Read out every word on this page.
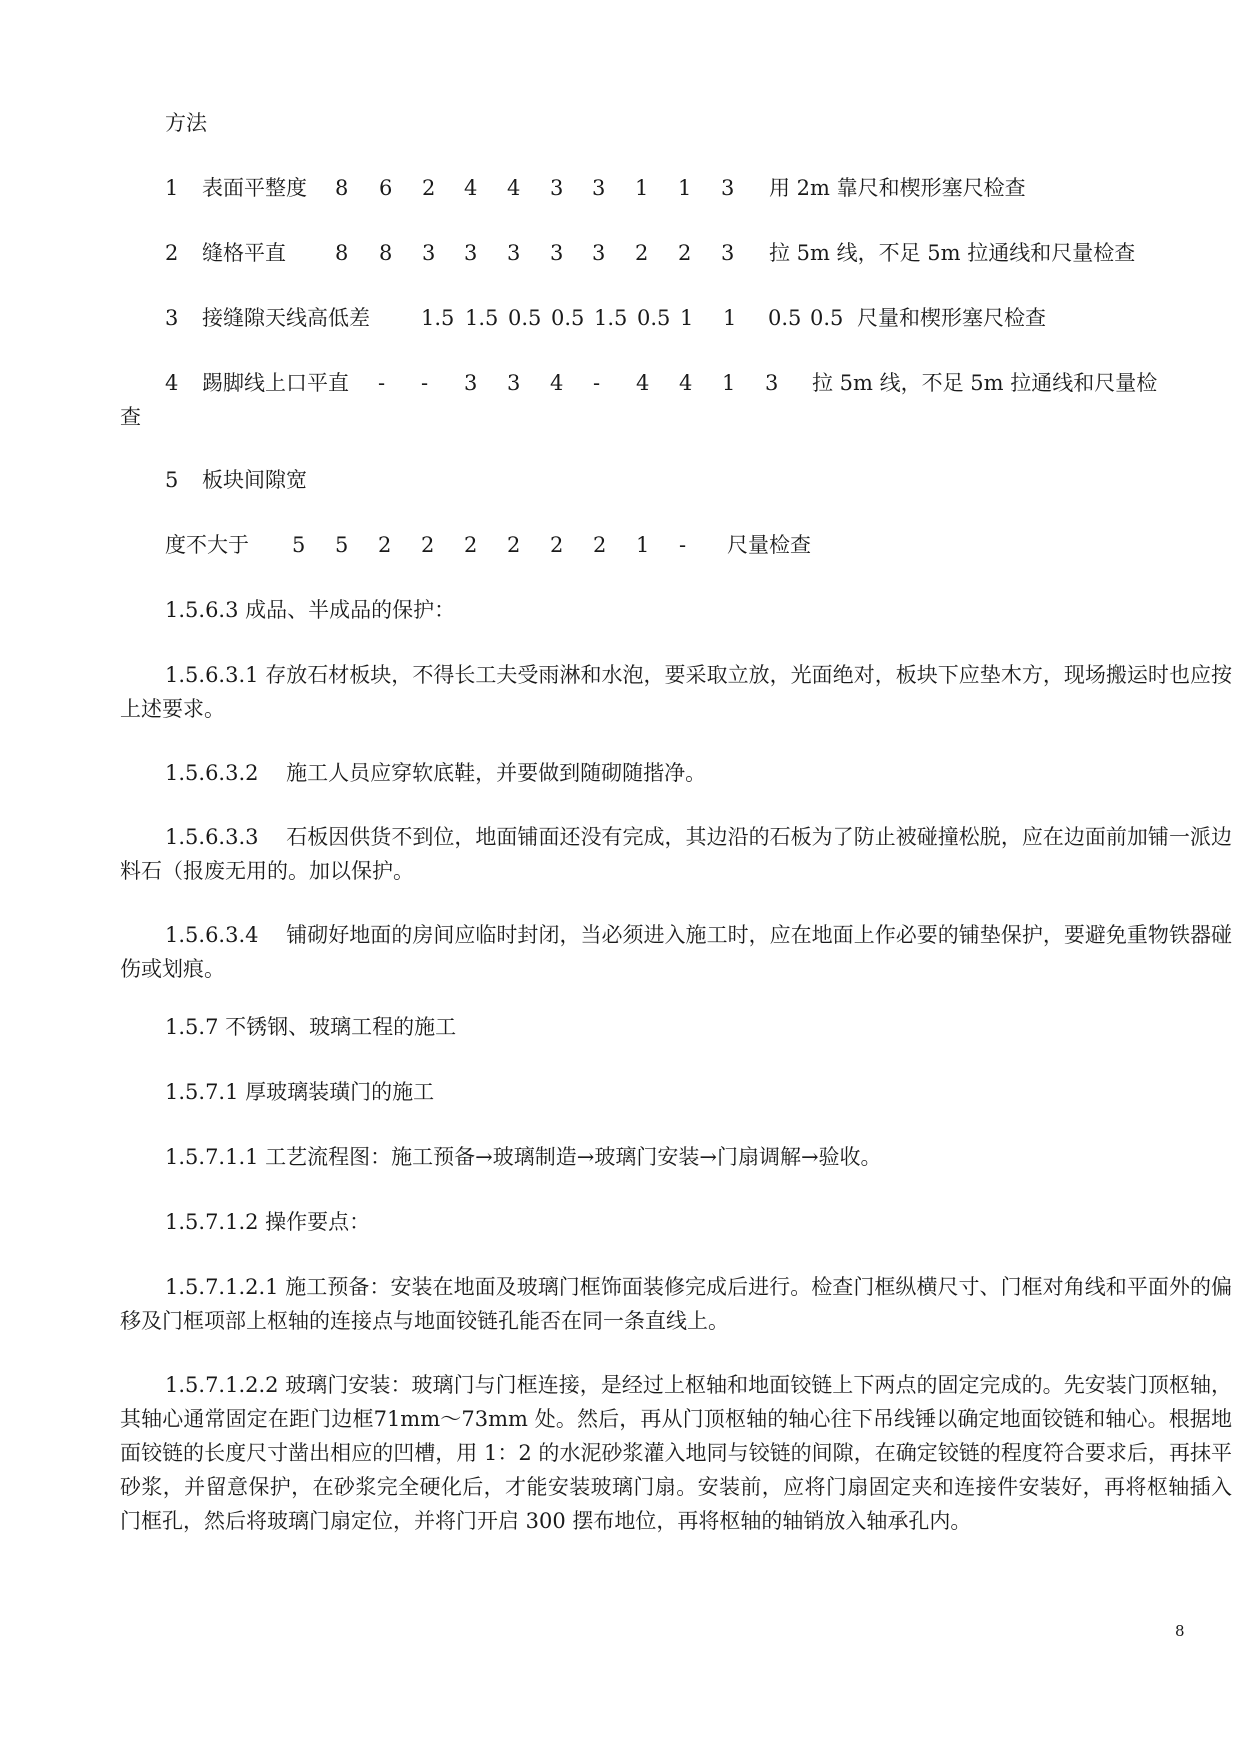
方法
1 表面平整度 8 6 2 4 4 3 3 1 1 3 用 2m 靠尺和楔形塞尺检查
2 缝格平直 8 8 3 3 3 3 3 2 2 3 拉 5m 线，不足 5m 拉通线和尺量检查
3 接缝隙天线高低差 1.5 1.5 0.5 0.5 1.5 0.5 1 1 0.5 0.5 尺量和楔形塞尺检查
4 踢脚线上口平直 - - 3 3 4 - 4 4 1 3 拉 5m 线，不足 5m 拉通线和尺量检
查
5 板块间隙宽
度不大于 5 5 2 2 2 2 2 2 1 - 尺量检查
1.5.6.3 成品、半成品的保护：
1.5.6.3.1 存放石材板块，不得长工夫受雨淋和水泡，要采取立放，光面绝对，板块下应垫木方，现场搬运时也应按上述要求。
1.5.6.3.2　 施工人员应穿软底鞋，并要做到随砌随揩净。
1.5.6.3.3　 石板因供货不到位，地面铺面还没有完成，其边沿的石板为了防止被碰撞松脱，应在边面前加铺一派边料石（报废无用的。加以保护。
1.5.6.3.4　 铺砌好地面的房间应临时封闭，当必须进入施工时，应在地面上作必要的铺垫保护，要避免重物铁器碰伤或划痕。
1.5.7 不锈钢、玻璃工程的施工
1.5.7.1 厚玻璃装璜门的施工
1.5.7.1.1 工艺流程图：施工预备→玻璃制造→玻璃门安装→门扇调解→验收。
1.5.7.1.2 操作要点：
1.5.7.1.2.1 施工预备：安装在地面及玻璃门框饰面装修完成后进行。检查门框纵横尺寸、门框对角线和平面外的偏移及门框项部上枢轴的连接点与地面铰链孔能否在同一条直线上。
1.5.7.1.2.2 玻璃门安装：玻璃门与门框连接，是经过上枢轴和地面铰链上下两点的固定完成的。先安装门顶枢轴，其轴心通常固定在距门边框71mm～73mm 处。然后，再从门顶枢轴的轴心往下吊线锤以确定地面铰链和轴心。根据地面铰链的长度尺寸凿出相应的凹槽，用 1：2 的水泥砂浆灌入地同与铰链的间隙，在确定铰链的程度符合要求后，再抹平砂浆，并留意保护，在砂浆完全硬化后，才能安装玻璃门扇。安装前，应将门扇固定夹和连接件安装好，再将枢轴插入门框孔，然后将玻璃门扇定位，并将门开启 300 摆布地位，再将枢轴的轴销放入轴承孔内。
8
